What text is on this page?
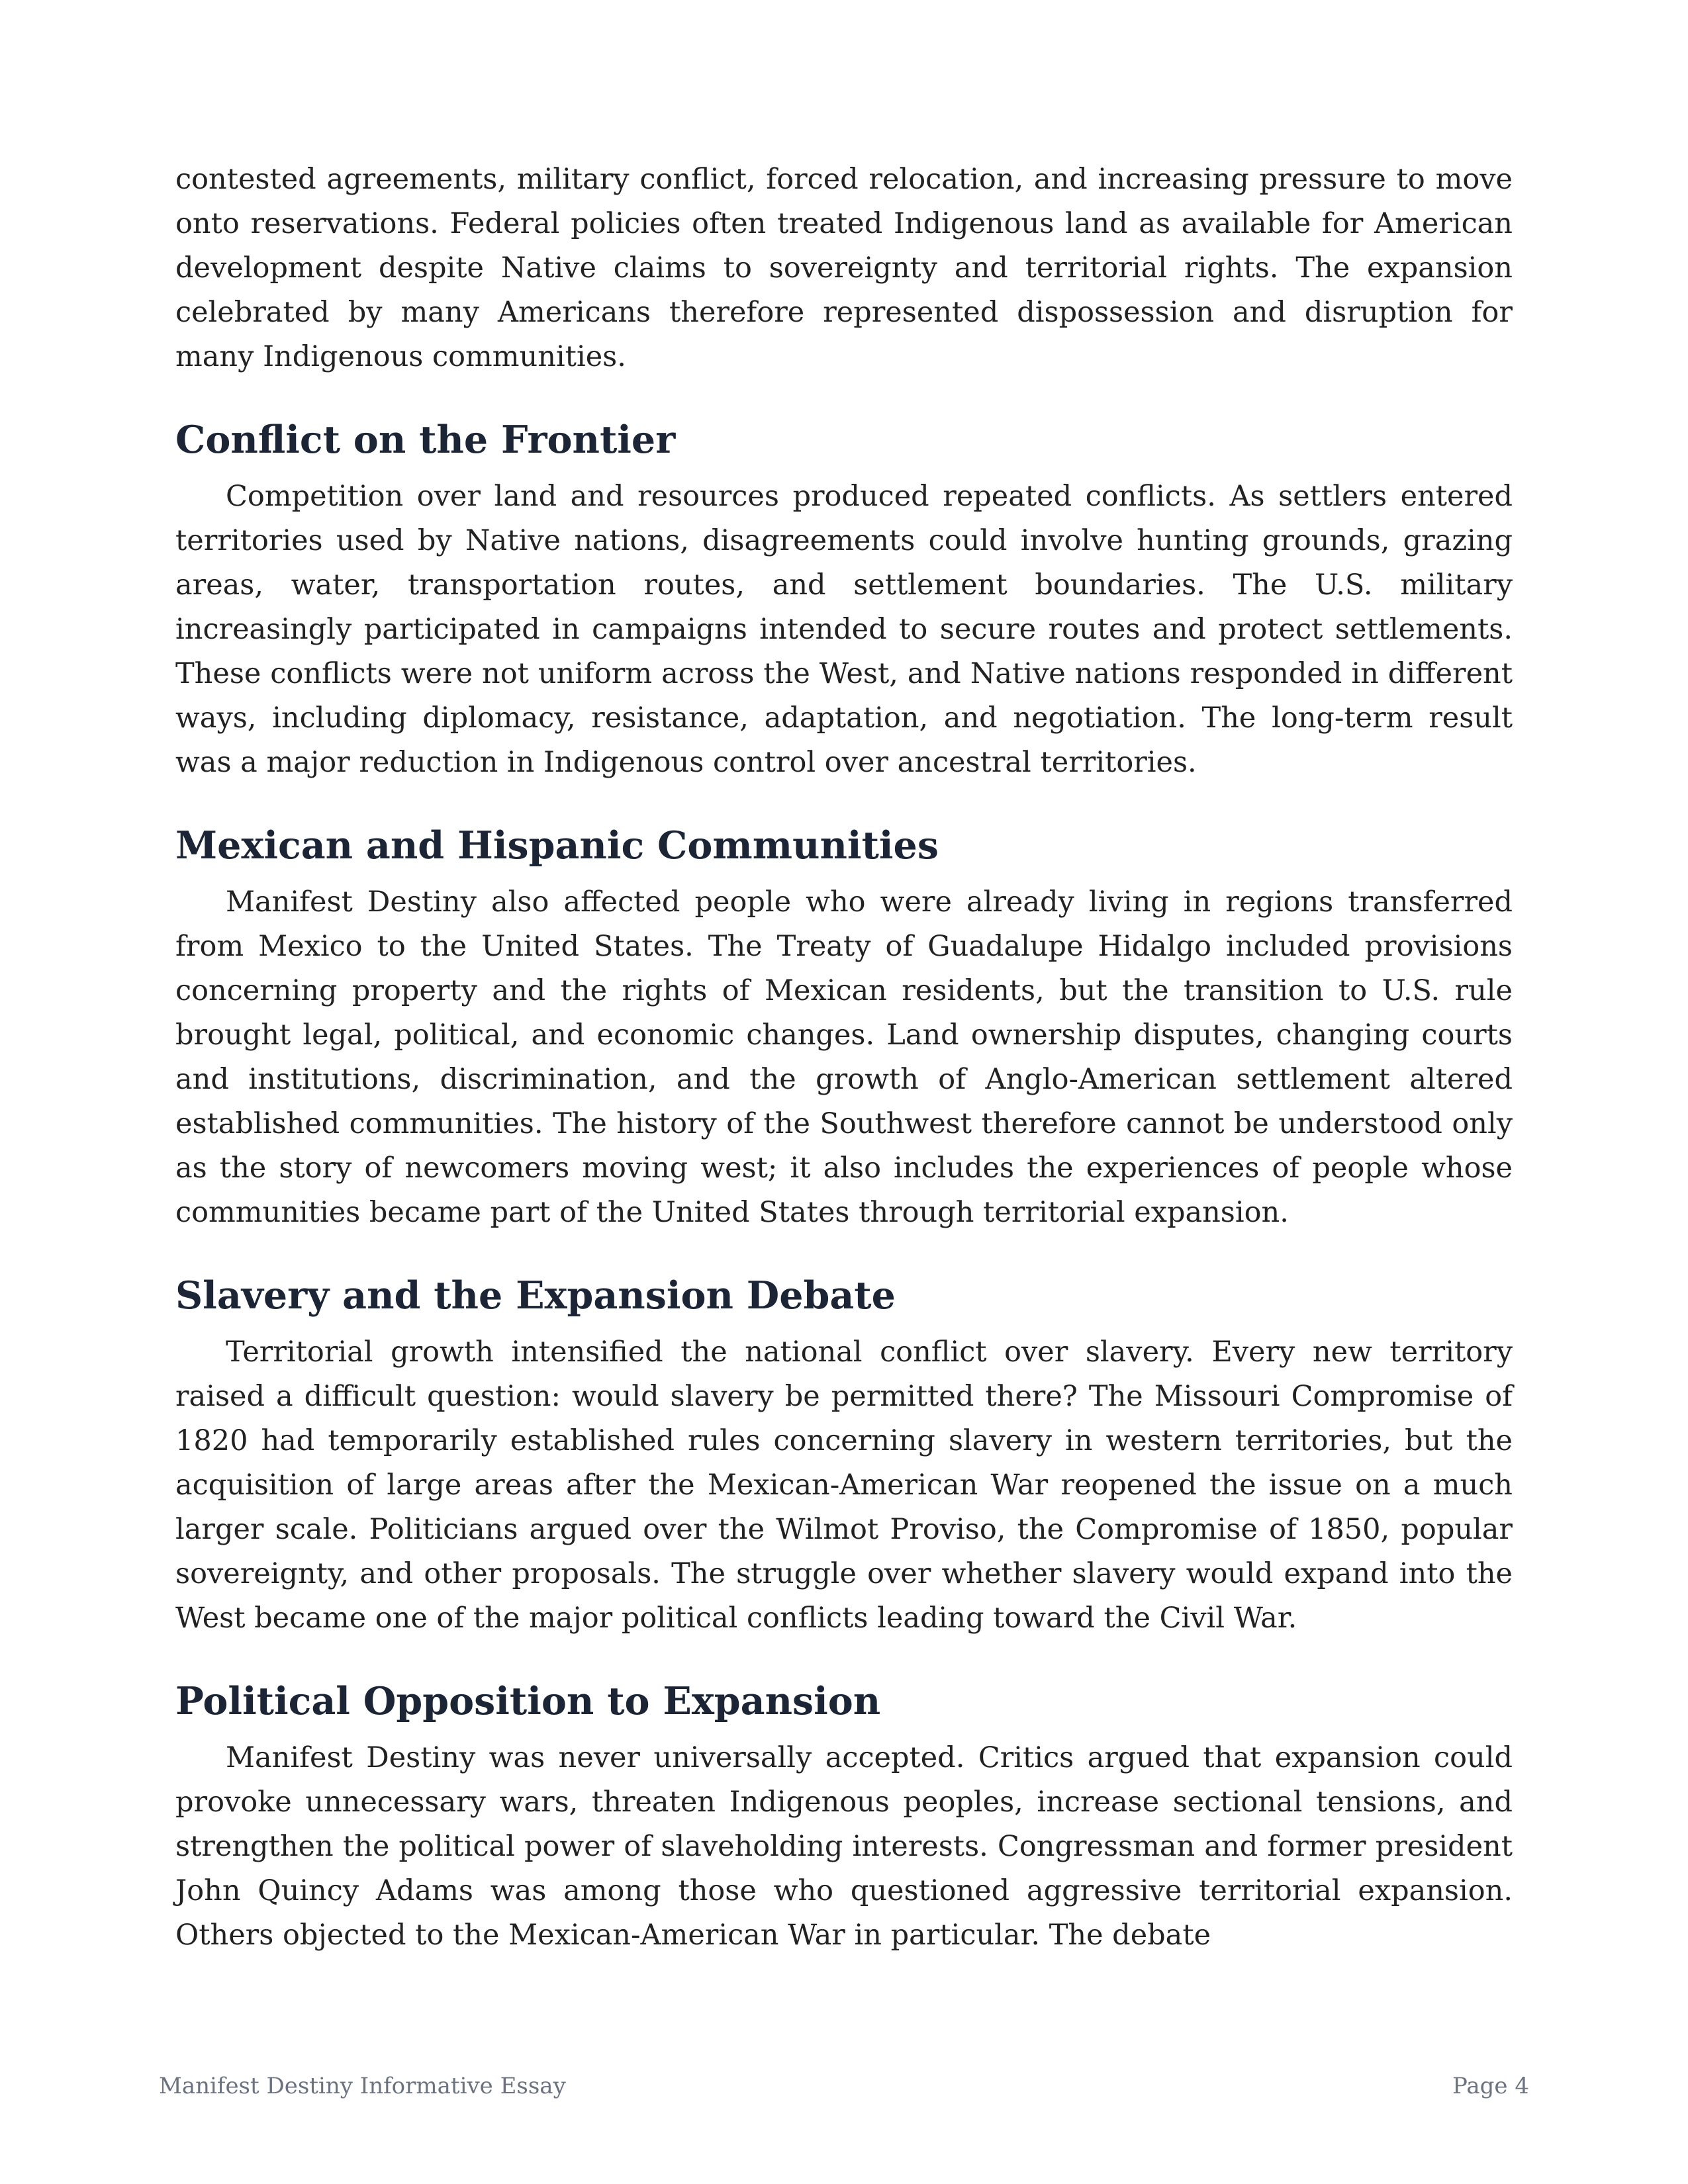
contested agreements, military conflict, forced relocation, and increasing pressure to move onto reservations. Federal policies often treated Indigenous land as available for American development despite Native claims to sovereignty and territorial rights. The expansion celebrated by many Americans therefore represented dispossession and disruption for many Indigenous communities.

Conflict on the Frontier

Competition over land and resources produced repeated conflicts. As settlers entered territories used by Native nations, disagreements could involve hunting grounds, grazing areas, water, transportation routes, and settlement boundaries. The U.S. military increasingly participated in campaigns intended to secure routes and protect settlements. These conflicts were not uniform across the West, and Native nations responded in different ways, including diplomacy, resistance, adaptation, and negotiation. The long-term result was a major reduction in Indigenous control over ancestral territories.

Mexican and Hispanic Communities

Manifest Destiny also affected people who were already living in regions transferred from Mexico to the United States. The Treaty of Guadalupe Hidalgo included provisions concerning property and the rights of Mexican residents, but the transition to U.S. rule brought legal, political, and economic changes. Land ownership disputes, changing courts and institutions, discrimination, and the growth of Anglo-American settlement altered established communities. The history of the Southwest therefore cannot be understood only as the story of newcomers moving west; it also includes the experiences of people whose communities became part of the United States through territorial expansion.

Slavery and the Expansion Debate

Territorial growth intensified the national conflict over slavery. Every new territory raised a difficult question: would slavery be permitted there? The Missouri Compromise of 1820 had temporarily established rules concerning slavery in western territories, but the acquisition of large areas after the Mexican-American War reopened the issue on a much larger scale. Politicians argued over the Wilmot Proviso, the Compromise of 1850, popular sovereignty, and other proposals. The struggle over whether slavery would expand into the West became one of the major political conflicts leading toward the Civil War.

Political Opposition to Expansion

Manifest Destiny was never universally accepted. Critics argued that expansion could provoke unnecessary wars, threaten Indigenous peoples, increase sectional tensions, and strengthen the political power of slaveholding interests. Congressman and former president John Quincy Adams was among those who questioned aggressive territorial expansion. Others objected to the Mexican-American War in particular. The debate

Manifest Destiny Informative Essay	Page 4
